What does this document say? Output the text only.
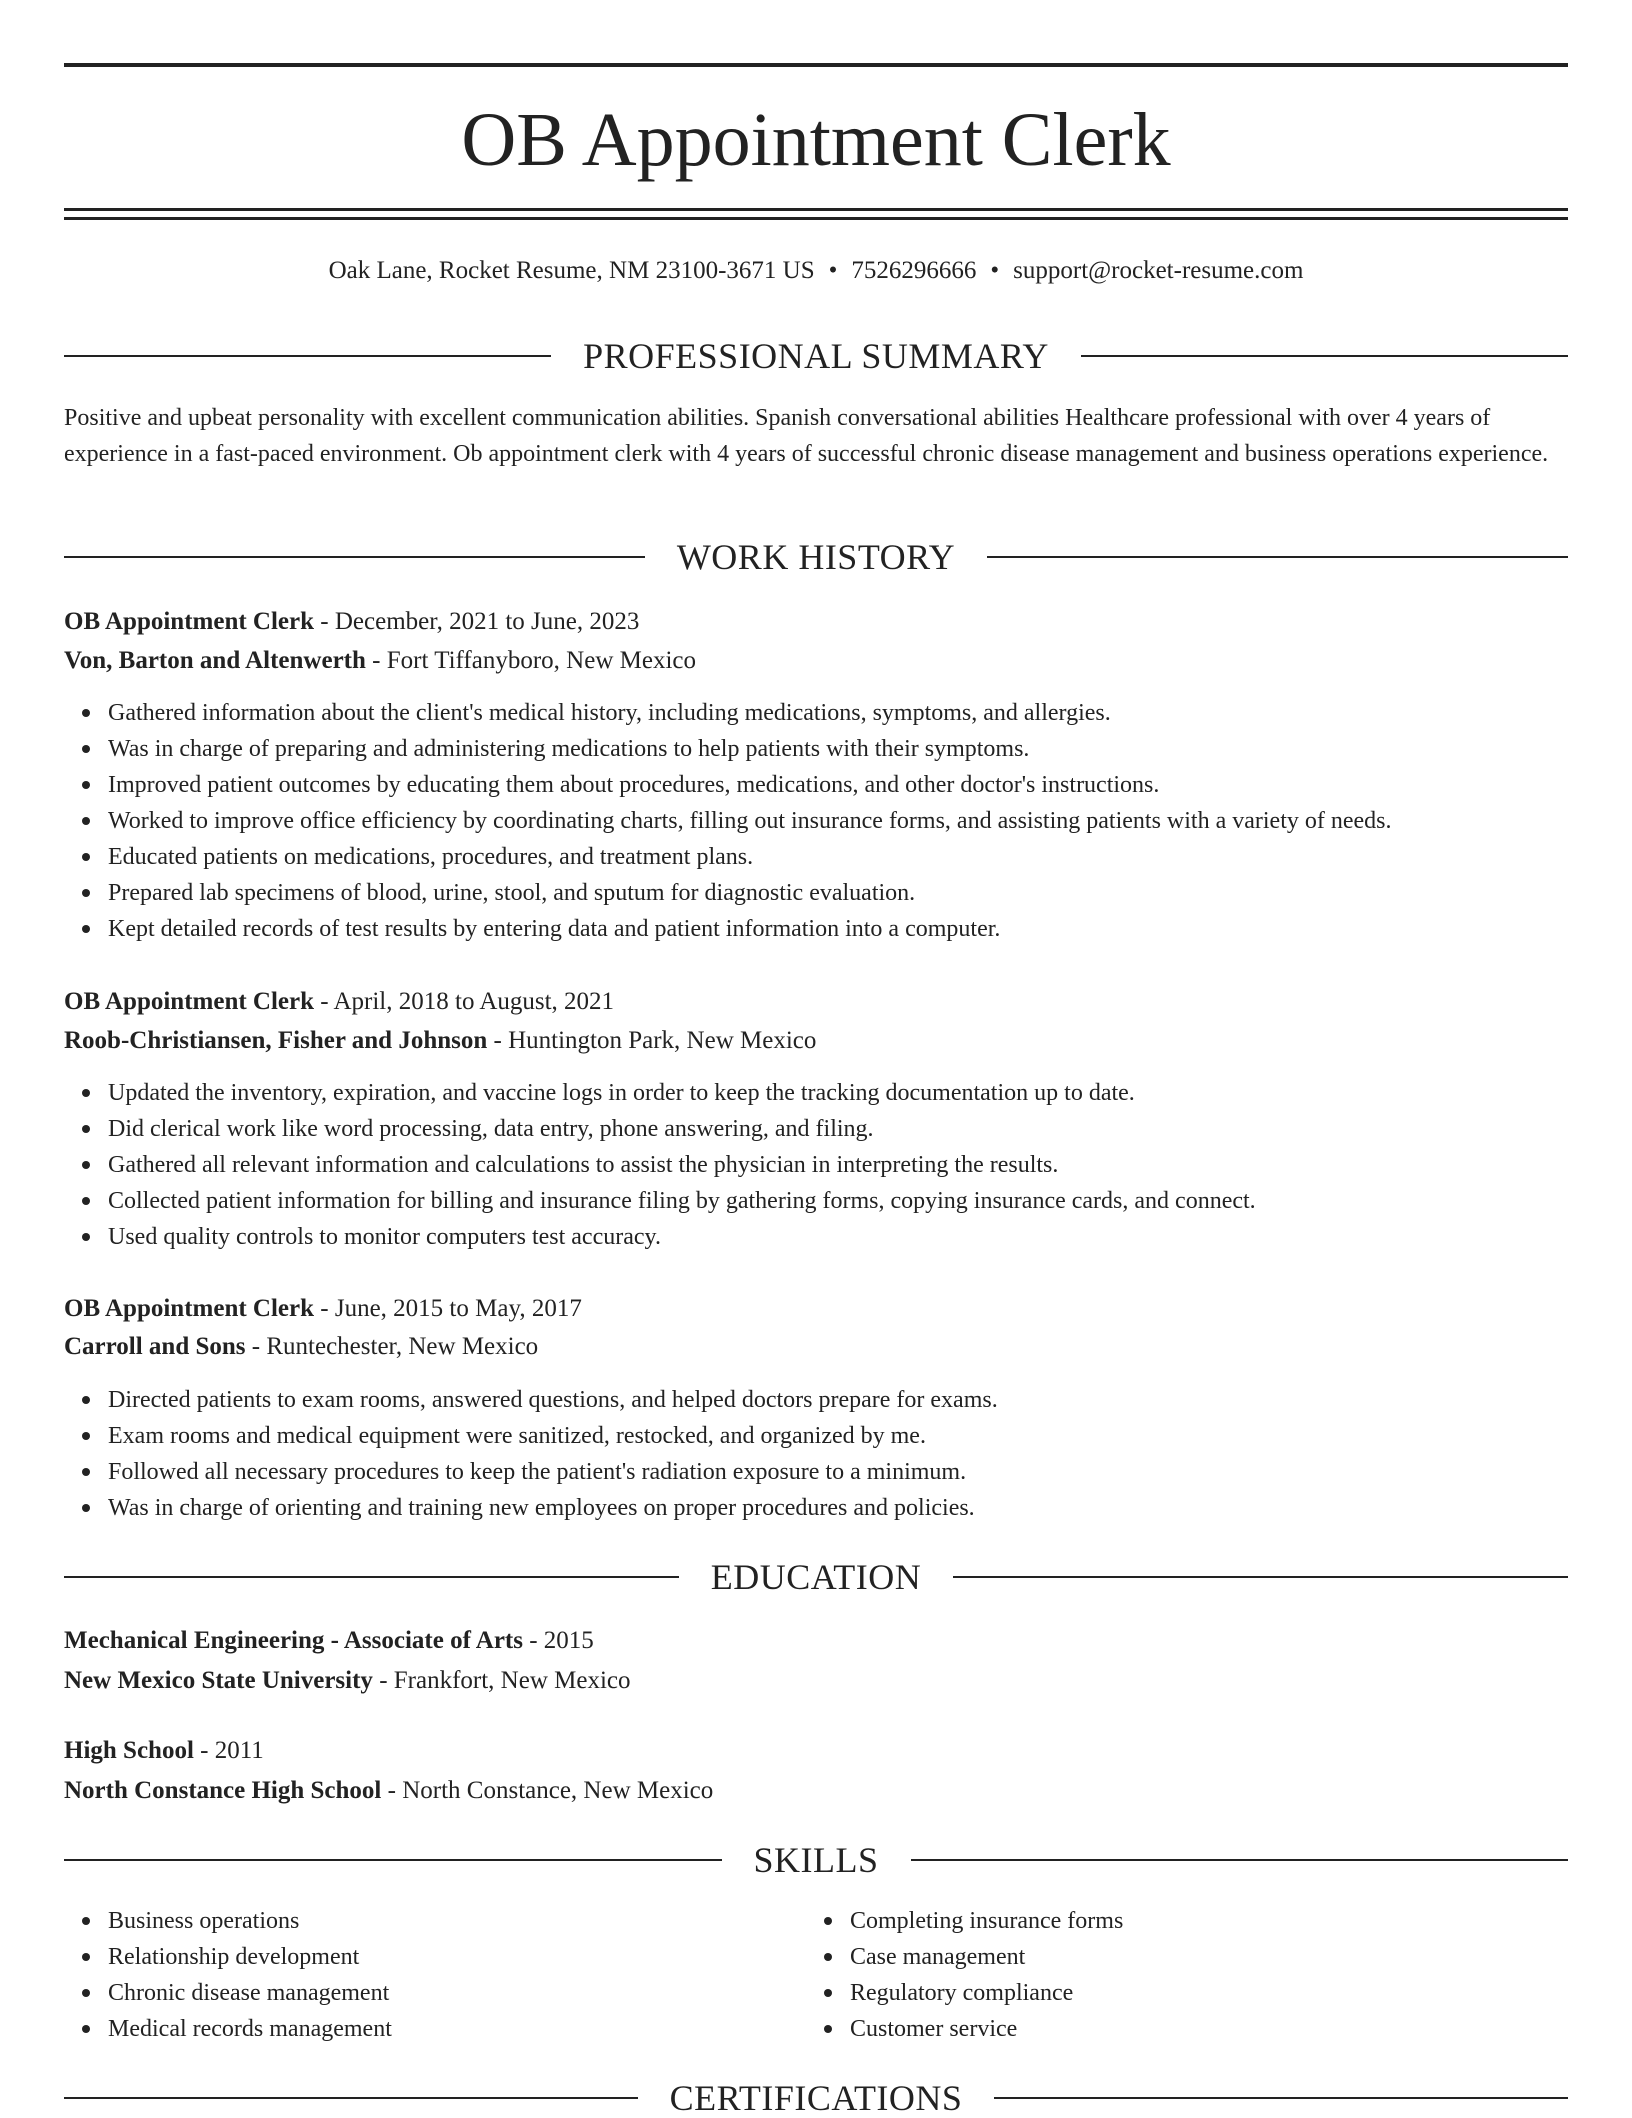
OB Appointment Clerk
Oak Lane, Rocket Resume, NM 23100-3671 US • 7526296666 • support@rocket-resume.com
PROFESSIONAL SUMMARY

Positive and upbeat personality with excellent communication abilities. Spanish conversational abilities Healthcare professional with over 4 years of experience in a fast-paced environment. Ob appointment clerk with 4 years of successful chronic disease management and business operations experience.

WORK HISTORY
OB Appointment Clerk - December, 2021 to June, 2023
Von, Barton and Altenwerth - Fort Tiffanyboro, New Mexico
Gathered information about the client's medical history, including medications, symptoms, and allergies.
Was in charge of preparing and administering medications to help patients with their symptoms.
Improved patient outcomes by educating them about procedures, medications, and other doctor's instructions.
Worked to improve office efficiency by coordinating charts, filling out insurance forms, and assisting patients with a variety of needs.
Educated patients on medications, procedures, and treatment plans.
Prepared lab specimens of blood, urine, stool, and sputum for diagnostic evaluation.
Kept detailed records of test results by entering data and patient information into a computer.
OB Appointment Clerk - April, 2018 to August, 2021
Roob-Christiansen, Fisher and Johnson - Huntington Park, New Mexico
Updated the inventory, expiration, and vaccine logs in order to keep the tracking documentation up to date.
Did clerical work like word processing, data entry, phone answering, and filing.
Gathered all relevant information and calculations to assist the physician in interpreting the results.
Collected patient information for billing and insurance filing by gathering forms, copying insurance cards, and connect.
Used quality controls to monitor computers test accuracy.
OB Appointment Clerk - June, 2015 to May, 2017
Carroll and Sons - Runtechester, New Mexico
Directed patients to exam rooms, answered questions, and helped doctors prepare for exams.
Exam rooms and medical equipment were sanitized, restocked, and organized by me.
Followed all necessary procedures to keep the patient's radiation exposure to a minimum.
Was in charge of orienting and training new employees on proper procedures and policies.
EDUCATION
Mechanical Engineering - Associate of Arts - 2015
New Mexico State University - Frankfort, New Mexico
High School - 2011
North Constance High School - North Constance, New Mexico
SKILLS
Business operations
Relationship development
Chronic disease management
Medical records management
Completing insurance forms
Case management
Regulatory compliance
Customer service
CERTIFICATIONS
